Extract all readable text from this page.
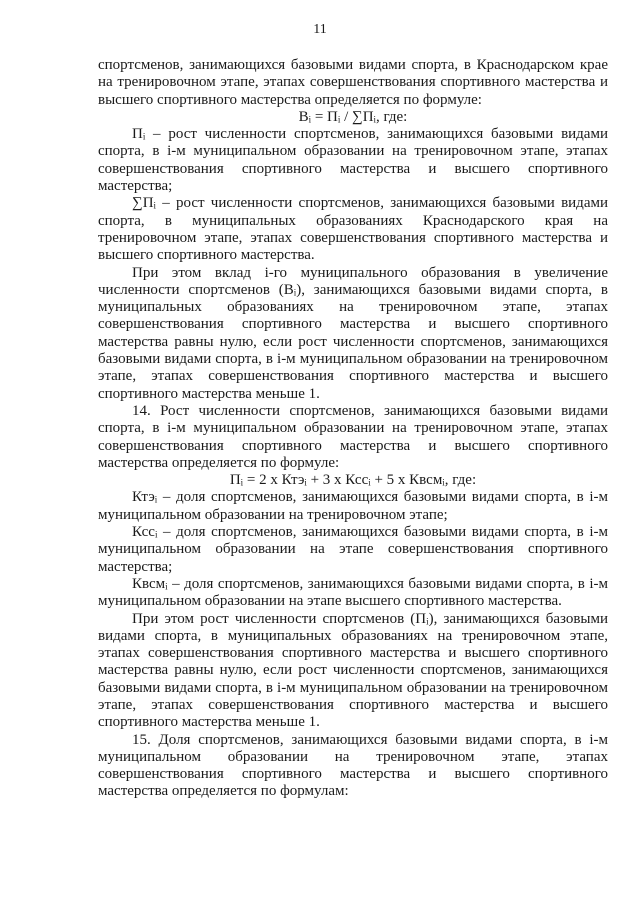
11

спортсменов, занимающихся базовыми видами спорта, в Краснодарском крае на тренировочном этапе, этапах совершенствования спортивного мастерства и высшего спортивного мастерства определяется по формуле:

Вᵢ = Пᵢ / ∑Пᵢ, где:

Пᵢ – рост численности спортсменов, занимающихся базовыми видами спорта, в i-м муниципальном образовании на тренировочном этапе, этапах совершенствования спортивного мастерства и высшего спортивного мастерства;

∑Пᵢ – рост численности спортсменов, занимающихся базовыми видами спорта, в муниципальных образованиях Краснодарского края на тренировочном этапе, этапах совершенствования спортивного мастерства и высшего спортивного мастерства.

При этом вклад i-го муниципального образования в увеличение численности спортсменов (Вᵢ), занимающихся базовыми видами спорта, в муниципальных образованиях на тренировочном этапе, этапах совершенствования спортивного мастерства и высшего спортивного мастерства равны нулю, если рост численности спортсменов, занимающихся базовыми видами спорта, в i-м муниципальном образовании на тренировочном этапе, этапах совершенствования спортивного мастерства и высшего спортивного мастерства меньше 1.

14. Рост численности спортсменов, занимающихся базовыми видами спорта, в i-м муниципальном образовании на тренировочном этапе, этапах совершенствования спортивного мастерства и высшего спортивного мастерства определяется по формуле:

Пᵢ = 2 х Ктэᵢ + 3 х Кссᵢ + 5 х Квсмᵢ, где:

Ктэᵢ – доля спортсменов, занимающихся базовыми видами спорта, в i-м муниципальном образовании на тренировочном этапе;

Кссᵢ – доля спортсменов, занимающихся базовыми видами спорта, в i-м муниципальном образовании на этапе совершенствования спортивного мастерства;

Квсмᵢ – доля спортсменов, занимающихся базовыми видами спорта, в i-м муниципальном образовании на этапе высшего спортивного мастерства.

При этом рост численности спортсменов (Пᵢ), занимающихся базовыми видами спорта, в муниципальных образованиях на тренировочном этапе, этапах совершенствования спортивного мастерства и высшего спортивного мастерства равны нулю, если рост численности спортсменов, занимающихся базовыми видами спорта, в i-м муниципальном образовании на тренировочном этапе, этапах совершенствования спортивного мастерства и высшего спортивного мастерства меньше 1.

15. Доля спортсменов, занимающихся базовыми видами спорта, в i-м муниципальном образовании на тренировочном этапе, этапах совершенствования спортивного мастерства и высшего спортивного мастерства определяется по формулам:
